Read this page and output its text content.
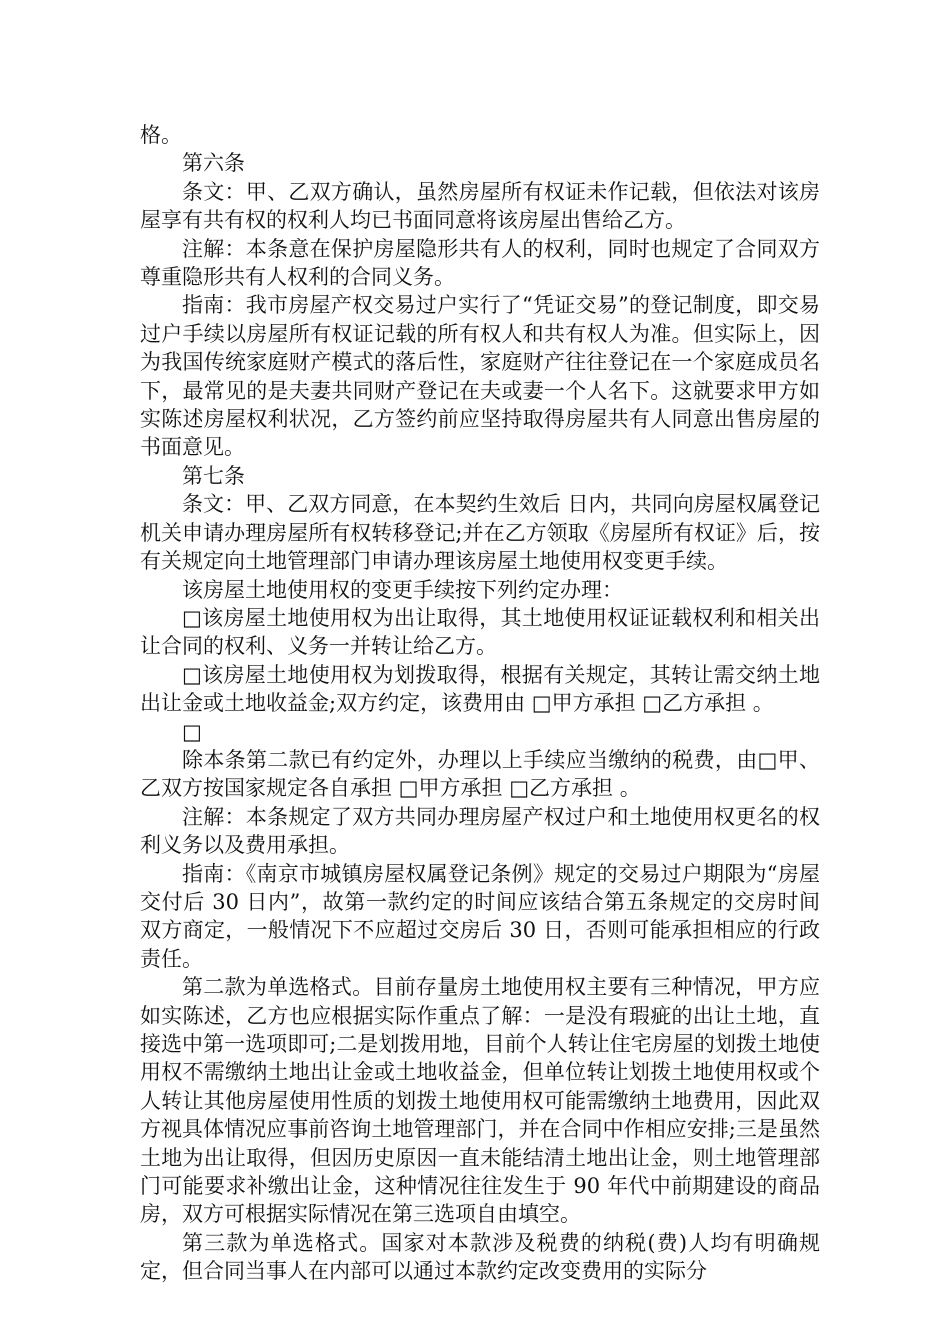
格。

第六条

条文：甲、乙双方确认，虽然房屋所有权证未作记载，但依法对该房屋享有共有权的权利人均已书面同意将该房屋出售给乙方。

注解：本条意在保护房屋隐形共有人的权利，同时也规定了合同双方尊重隐形共有人权利的合同义务。

指南：我市房屋产权交易过户实行了“凭证交易”的登记制度，即交易过户手续以房屋所有权证记载的所有权人和共有权人为准。但实际上，因为我国传统家庭财产模式的落后性，家庭财产往往登记在一个家庭成员名下，最常见的是夫妻共同财产登记在夫或妻一个人名下。这就要求甲方如实陈述房屋权利状况，乙方签约前应坚持取得房屋共有人同意出售房屋的书面意见。

第七条

条文：甲、乙双方同意，在本契约生效后 日内，共同向房屋权属登记机关申请办理房屋所有权转移登记;并在乙方领取《房屋所有权证》后，按有关规定向土地管理部门申请办理该房屋土地使用权变更手续。

该房屋土地使用权的变更手续按下列约定办理：

□该房屋土地使用权为出让取得，其土地使用权证证载权利和相关出让合同的权利、义务一并转让给乙方。

□该房屋土地使用权为划拨取得，根据有关规定，其转让需交纳土地出让金或土地收益金;双方约定，该费用由 □甲方承担 □乙方承担 。

□

除本条第二款已有约定外，办理以上手续应当缴纳的税费，由□甲、乙双方按国家规定各自承担 □甲方承担 □乙方承担 。

注解：本条规定了双方共同办理房屋产权过户和土地使用权更名的权利义务以及费用承担。

指南：《南京市城镇房屋权属登记条例》规定的交易过户期限为“房屋交付后 30 日内”，故第一款约定的时间应该结合第五条规定的交房时间双方商定，一般情况下不应超过交房后 30 日，否则可能承担相应的行政责任。

第二款为单选格式。目前存量房土地使用权主要有三种情况，甲方应如实陈述，乙方也应根据实际作重点了解：一是没有瑕疵的出让土地，直接选中第一选项即可;二是划拨用地，目前个人转让住宅房屋的划拨土地使用权不需缴纳土地出让金或土地收益金，但单位转让划拨土地使用权或个人转让其他房屋使用性质的划拨土地使用权可能需缴纳土地费用，因此双方视具体情况应事前咨询土地管理部门，并在合同中作相应安排;三是虽然土地为出让取得，但因历史原因一直未能结清土地出让金，则土地管理部门可能要求补缴出让金，这种情况往往发生于 90 年代中前期建设的商品房，双方可根据实际情况在第三选项自由填空。

第三款为单选格式。国家对本款涉及税费的纳税(费)人均有明确规定，但合同当事人在内部可以通过本款约定改变费用的实际分
